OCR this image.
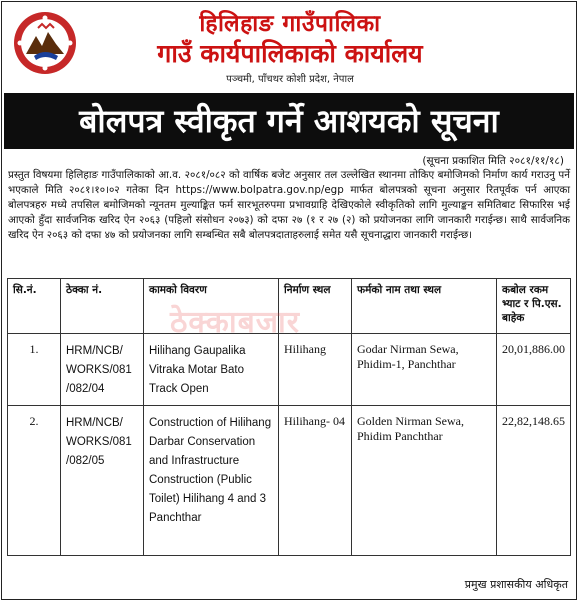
हिलिहाङ गाउँपालिका
गाउँ कार्यपालिकाको कार्यालय
पञ्चमी, पाँचथर कोशी प्रदेश, नेपाल
बोलपत्र स्वीकृत गर्ने आशयको सूचना
(सूचना प्रकाशित मिति २०८१/११/१८)
प्रस्तुत विषयमा हिलिहाङ गाउँपालिकाको आ.व. २०८१/०८२ को वार्षिक बजेट अनुसार तल उल्लेखित स्थानमा तोकिए बमोजिमको निर्माण कार्य गराउनु पर्ने भएकाले मिति २०८१।१०।०२ गतेका दिन https://www.bolpatra.gov.np/egp मार्फत बोलपत्रको सूचना अनुसार रितपूर्वक पर्न आएका बोलपत्रहरु मध्ये तपसिल बमोजिमको न्यूनतम मुल्याङ्कित फर्म सारभूतरुपमा प्रभावग्राहि देखिएकोले स्वीकृतिको लागि मुल्याङ्कन समितिबाट सिफारिस भई आएको हुँदा सार्वजनिक खरिद ऐन २०६३ (पहिलो संसोधन २०७३) को दफा २७ (१ र २७ (२) को प्रयोजनका लागि जानकारी गराईन्छ। साथै सार्वजनिक खरिद ऐन २०६३ को दफा ४७ को प्रयोजनका लागि सम्बन्धित सबै बोलपत्रदाताहरुलाई समेत यसै सूचनाद्धारा जानकारी गराईन्छ।
सि.नं.	ठेक्का नं.	कामको विवरण	निर्माण स्थल	फर्मको नाम तथा स्थल	कबोल रकम भ्याट र पि.एस. बाहेक
1.	HRM/NCB/ WORKS/081 /082/04	Hilihang Gaupalika Vitraka Motar Bato Track Open	Hilihang	Godar Nirman Sewa, Phidim-1, Panchthar	20,01,886.00
2.	HRM/NCB/ WORKS/081 /082/05	Construction of Hilihang Darbar Conservation and Infrastructure Construction (Public Toilet) Hilihang 4 and 3 Panchthar	Hilihang- 04	Golden Nirman Sewa, Phidim Panchthar	22,82,148.65
ठेक्काबजार
प्रमुख प्रशासकीय अधिकृत
